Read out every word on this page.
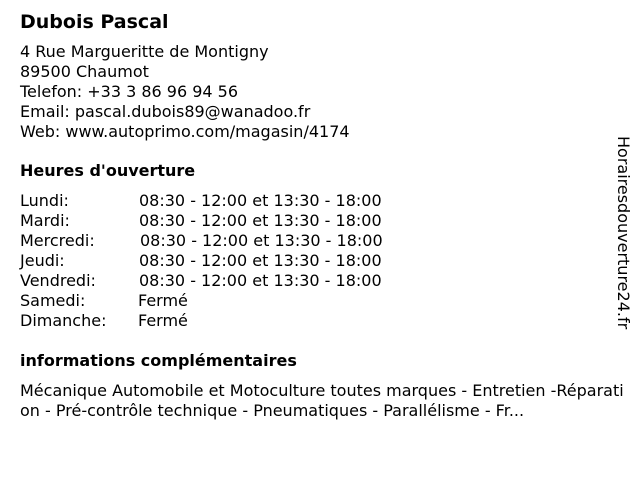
Dubois Pascal
4 Rue Margueritte de Montigny
89500 Chaumot
Telefon: +33 3 86 96 94 56
Email: pascal.dubois89@wanadoo.fr
Web: www.autoprimo.com/magasin/4174
Heures d'ouverture
Lundi:	08:30 - 12:00 et 13:30 - 18:00
Mardi:	08:30 - 12:00 et 13:30 - 18:00
Mercredi:	08:30 - 12:00 et 13:30 - 18:00
Jeudi:	08:30 - 12:00 et 13:30 - 18:00
Vendredi:	08:30 - 12:00 et 13:30 - 18:00
Samedi:	Fermé
Dimanche:	Fermé
informations complémentaires
Mécanique Automobile et Motoculture toutes marques - Entretien -Réparation - Pré-contrôle technique - Pneumatiques - Parallélisme - Fr...
Horairesdouverture24.fr
